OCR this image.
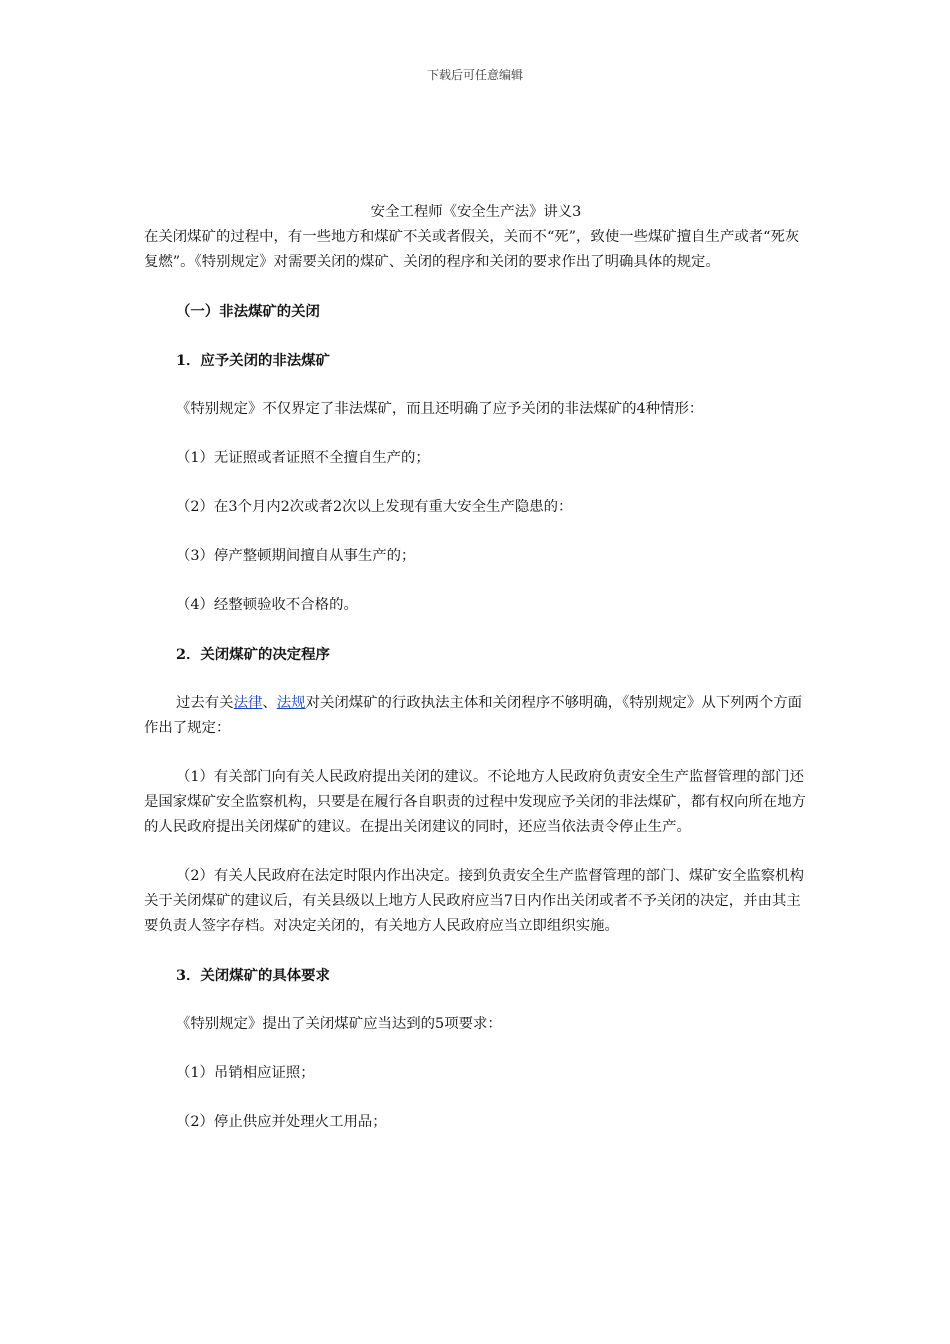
下载后可任意编辑

安全工程师《安全生产法》讲义3

在关闭煤矿的过程中，有一些地方和煤矿不关或者假关，关而不“死”，致使一些煤矿擅自生产或者“死灰复燃”。《特别规定》对需要关闭的煤矿、关闭的程序和关闭的要求作出了明确具体的规定。

（一）非法煤矿的关闭

1．应予关闭的非法煤矿

《特别规定》不仅界定了非法煤矿，而且还明确了应予关闭的非法煤矿的4种情形：

（1）无证照或者证照不全擅自生产的；

（2）在3个月内2次或者2次以上发现有重大安全生产隐患的：

（3）停产整顿期间擅自从事生产的；

（4）经整顿验收不合格的。

2．关闭煤矿的决定程序

过去有关法律、法规对关闭煤矿的行政执法主体和关闭程序不够明确，《特别规定》从下列两个方面作出了规定：

（1）有关部门向有关人民政府提出关闭的建议。不论地方人民政府负责安全生产监督管理的部门还是国家煤矿安全监察机构，只要是在履行各自职责的过程中发现应予关闭的非法煤矿，都有权向所在地方的人民政府提出关闭煤矿的建议。在提出关闭建议的同时，还应当依法责令停止生产。

（2）有关人民政府在法定时限内作出决定。接到负责安全生产监督管理的部门、煤矿安全监察机构关于关闭煤矿的建议后，有关县级以上地方人民政府应当7日内作出关闭或者不予关闭的决定，并由其主要负责人签字存档。对决定关闭的，有关地方人民政府应当立即组织实施。

3．关闭煤矿的具体要求

《特别规定》提出了关闭煤矿应当达到的5项要求：

（1）吊销相应证照；

（2）停止供应并处理火工用品；
